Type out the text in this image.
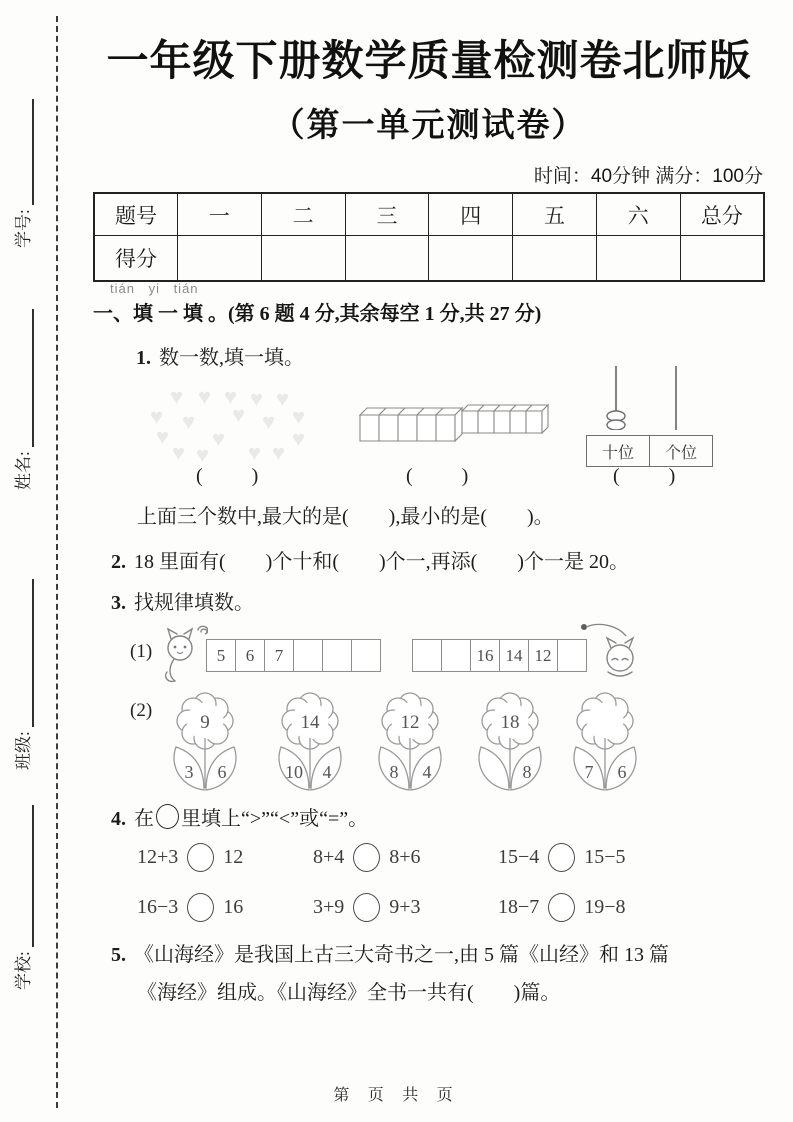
学号:
姓名:
班级:
学校:
一年级下册数学质量检测卷北师版
（第一单元测试卷）
时间：40分钟 满分：100分
题号	一	二	三	四	五	六	总分
得分							
tián yi tián
一、填 一 填 。(第 6 题 4 分,其余每空 1 分,共 27 分)
1. 数一数,填一填。
♥ ♥ ♥ ♥ ♥
♥ ♥ ♥ ♥ ♥
♥ ♥	♥
♥ ♥ ♥ ♥	十位	个位
(　　)	(　　)	(　　)
上面三个数中,最大的是(　　),最小的是(　　)。
2. 18 里面有(　　)个十和(　　)个一,再添(　　)个一是 20。
3. 找规律填数。
(1)	5	6	7	16 14 12
(2)
9
3 6
14
10 4
12
8 4
18
8	7 6
4. 在 里填上“>”“<”或“=”。
12+3 12	8+4 8+6	15−4 15−5
16−3 16	3+9 9+3	18−7 19−8
5. 《山海经》是我国上古三大奇书之一,由 5 篇《山经》和 13 篇
《海经》组成。《山海经》全书一共有(　　)篇。
第 页 共 页
